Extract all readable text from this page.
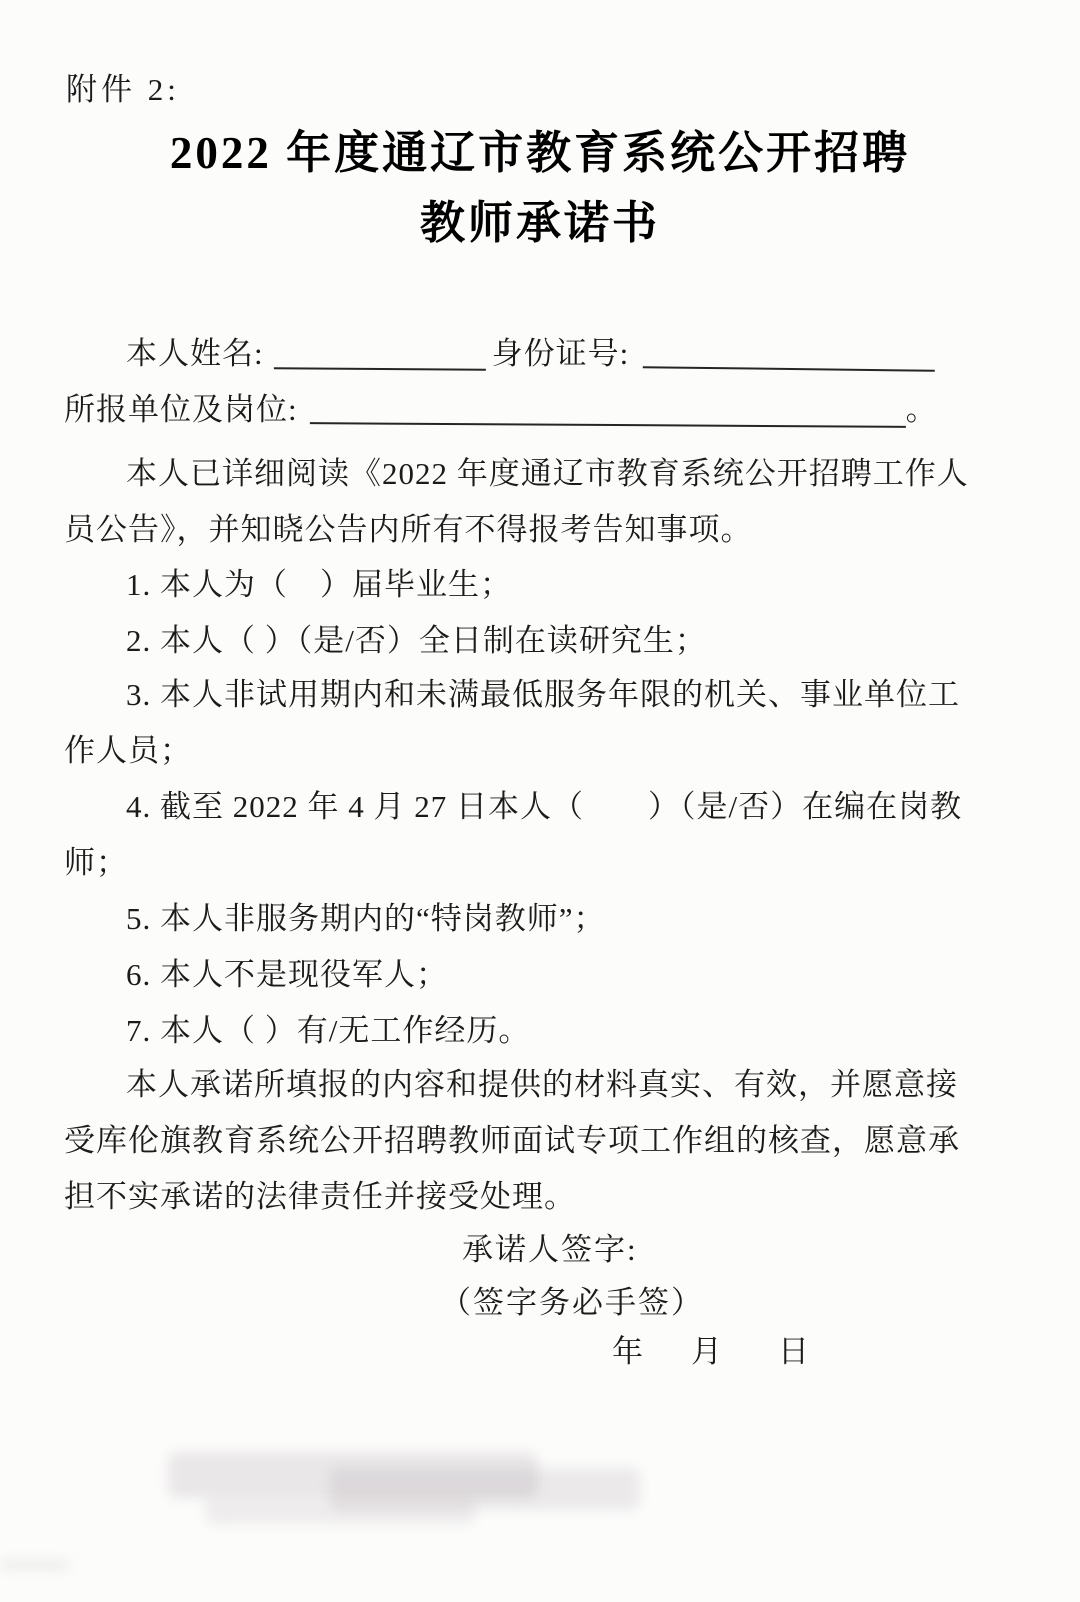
附件 2:
2022 年度通辽市教育系统公开招聘
教师承诺书
本人姓名:	身份证号:
所报单位及岗位:	。
本人已详细阅读《2022 年度通辽市教育系统公开招聘工作人员公告》，并知晓公告内所有不得报考告知事项。
1. 本人为（　）届毕业生；
2. 本人（ ）（是/否）全日制在读研究生；
3. 本人非试用期内和未满最低服务年限的机关、事业单位工作人员；
4. 截至 2022 年 4 月 27 日本人（　　）（是/否）在编在岗教师；
5. 本人非服务期内的“特岗教师”；
6. 本人不是现役军人；
7. 本人（ ）有/无工作经历。
本人承诺所填报的内容和提供的材料真实、有效，并愿意接受库伦旗教育系统公开招聘教师面试专项工作组的核查，愿意承担不实承诺的法律责任并接受处理。
承诺人签字:
（签字务必手签）
年 月 日
